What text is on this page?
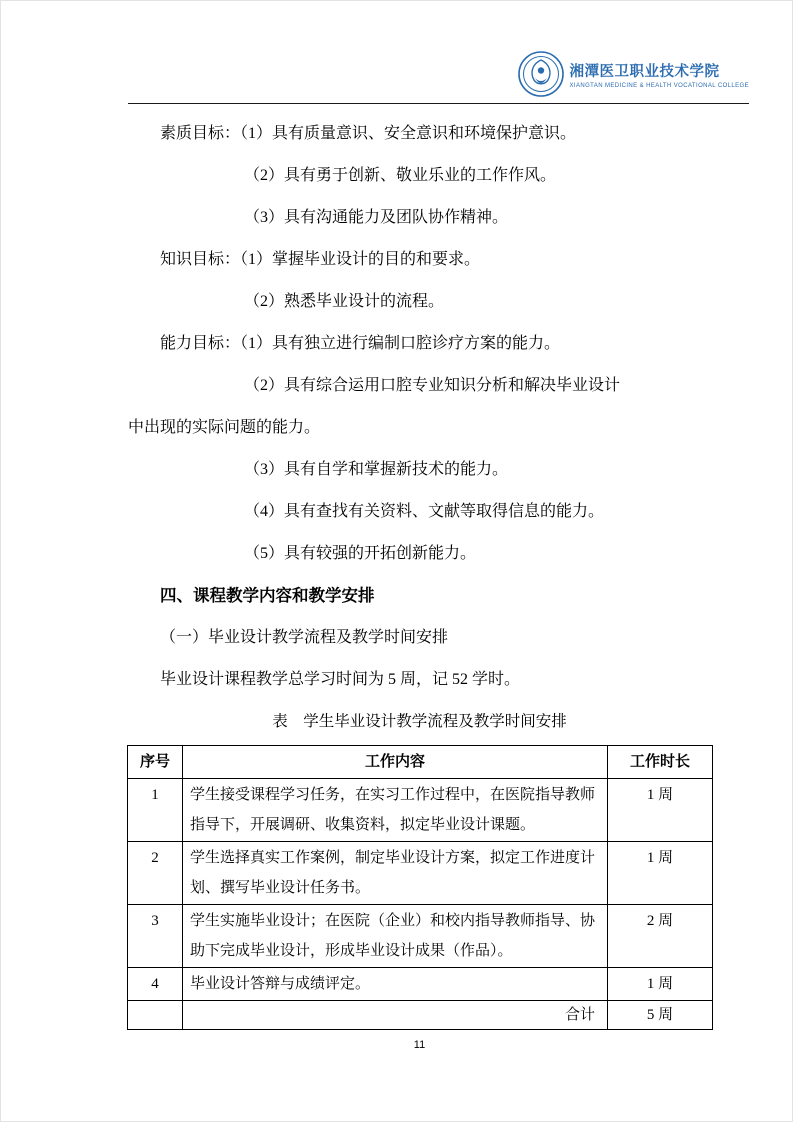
湘潭医卫职业技术学院
XIANGTAN MEDICINE & HEALTH VOCATIONAL COLLEGE

素质目标：（1）具有质量意识、安全意识和环境保护意识。

（2）具有勇于创新、敬业乐业的工作作风。

（3）具有沟通能力及团队协作精神。

知识目标：（1）掌握毕业设计的目的和要求。

（2）熟悉毕业设计的流程。

能力目标：（1）具有独立进行编制口腔诊疗方案的能力。

（2）具有综合运用口腔专业知识分析和解决毕业设计

中出现的实际问题的能力。

（3）具有自学和掌握新技术的能力。

（4）具有查找有关资料、文献等取得信息的能力。

（5）具有较强的开拓创新能力。

四、课程教学内容和教学安排

（一）毕业设计教学流程及教学时间安排

毕业设计课程教学总学习时间为 5 周，记 52 学时。

表　学生毕业设计教学流程及教学时间安排

序号	工作内容	工作时长
1	学生接受课程学习任务，在实习工作过程中，在医院指导教师指导下，开展调研、收集资料，拟定毕业设计课题。	1 周
2	学生选择真实工作案例，制定毕业设计方案，拟定工作进度计划、撰写毕业设计任务书。	1 周
3	学生实施毕业设计；在医院（企业）和校内指导教师指导、协助下完成毕业设计，形成毕业设计成果（作品）。	2 周
4	毕业设计答辩与成绩评定。	1 周
	合计	5 周
11
